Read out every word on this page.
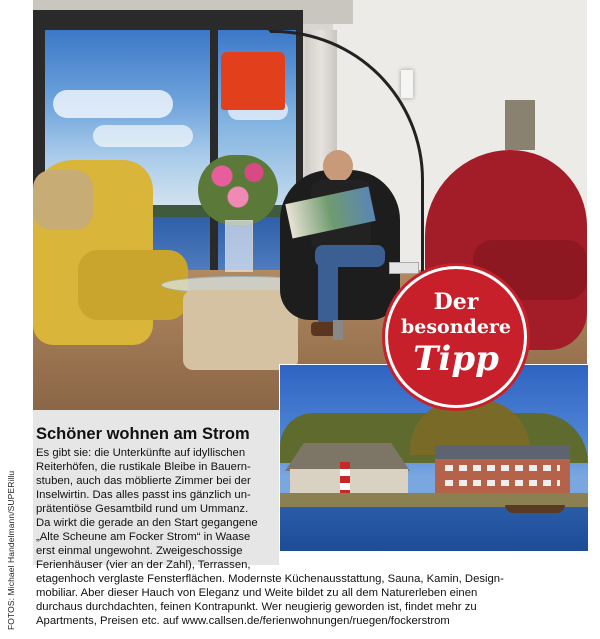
FOTOS: Michael Handelmann/SUPERillu
Der
besondere
Tipp
Schöner wohnen am Strom

Es gibt sie: die Unterkünfte auf idyllischen

Reiterhöfen, die rustikale Bleibe in Bauern-

stuben, auch das möblierte Zimmer bei der

Inselwirtin. Das alles passt ins gänzlich un-

prätentiöse Gesamtbild rund um Ummanz.

Da wirkt die gerade an den Start gegangene

„Alte Scheune am Focker Strom“ in Waase

erst einmal ungewohnt. Zweigeschossige

Ferienhäuser (vier an der Zahl), Terrassen,

etagenhoch verglaste Fensterflächen. Modernste Küchenausstattung, Sauna, Kamin, Design-

mobiliar. Aber dieser Hauch von Eleganz und Weite bildet zu all dem Naturerleben einen

durchaus durchdachten, feinen Kontrapunkt. Wer neugierig geworden ist, findet mehr zu

Apartments, Preisen etc. auf www.callsen.de/ferienwohnungen/ruegen/fockerstrom
